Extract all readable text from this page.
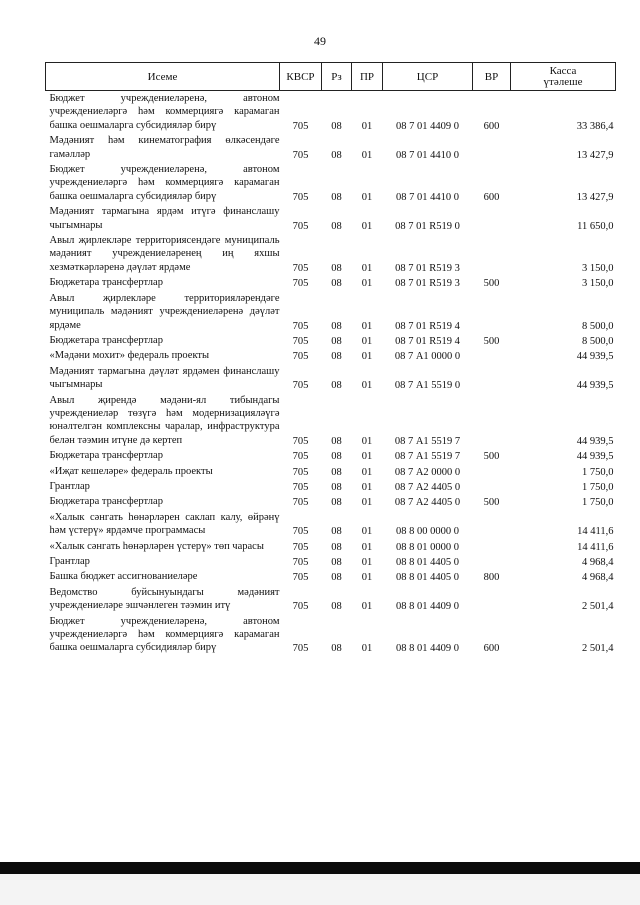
49
Исеме	КВСР	Рз	ПР	ЦСР	ВР	Касса
үтәлеше
Бюджет учреждениеләренә, автоном учреждениеләргә һәм коммерциягә карамаган башка оешмаларга субсидияләр бирү	705	08	01	08 7 01 4409 0	600	33 386,4
Мәдәният һәм кинематография өлкәсендәге гамәлләр	705	08	01	08 7 01 4410 0		13 427,9
Бюджет учреждениеләренә, автоном учреждениеләргә һәм коммерциягә карамаган башка оешмаларга субсидияләр бирү	705	08	01	08 7 01 4410 0	600	13 427,9
Мәдәният тармагына ярдәм итүгә финанслашу чыгымнары	705	08	01	08 7 01 R519 0		11 650,0
Авыл җирлекләре территориясендәге муниципаль мәдәният учреждениеләренең иң яхшы хезмәткәрләренә дәүләт ярдәме	705	08	01	08 7 01 R519 3		3 150,0
Бюджетара трансфертлар	705	08	01	08 7 01 R519 3	500	3 150,0
Авыл җирлекләре территорияләрендәге муниципаль мәдәният учреждениеләренә дәүләт ярдәме	705	08	01	08 7 01 R519 4		8 500,0
Бюджетара трансфертлар	705	08	01	08 7 01 R519 4	500	8 500,0
«Мәдәни мохит» федераль проекты	705	08	01	08 7 А1 0000 0		44 939,5
Мәдәният тармагына дәүләт ярдәмен финанслашу чыгымнары	705	08	01	08 7 А1 5519 0		44 939,5
Авыл җирендә мәдәни-ял тибындагы учреждениеләр төзүгә һәм модернизацияләүгә юнәлтелгән комплексны чаралар, инфраструктура белән тәэмин итүне дә кертеп	705	08	01	08 7 А1 5519 7		44 939,5
Бюджетара трансфертлар	705	08	01	08 7 А1 5519 7	500	44 939,5
«Иҗат кешеләре» федераль проекты	705	08	01	08 7 А2 0000 0		1 750,0
Грантлар	705	08	01	08 7 А2 4405 0		1 750,0
Бюджетара трансфертлар	705	08	01	08 7 А2 4405 0	500	1 750,0
«Халык сәнгать һөнәрләрен саклап калу, өйрәнү һәм үстерү» ярдәмче программасы	705	08	01	08 8 00 0000 0		14 411,6
«Халык сәнгать һөнәрләрен үстерү» төп чарасы	705	08	01	08 8 01 0000 0		14 411,6
Грантлар	705	08	01	08 8 01 4405 0		4 968,4
Башка бюджет ассигнованиеләре	705	08	01	08 8 01 4405 0	800	4 968,4
Ведомство буйсынуындагы мәдәният учреждениеләре эшчәнлеген тәэмин итү	705	08	01	08 8 01 4409 0		2 501,4
Бюджет учреждениеләренә, автоном учреждениеләргә һәм коммерциягә карамаган башка оешмаларга субсидияләр бирү	705	08	01	08 8 01 4409 0	600	2 501,4
